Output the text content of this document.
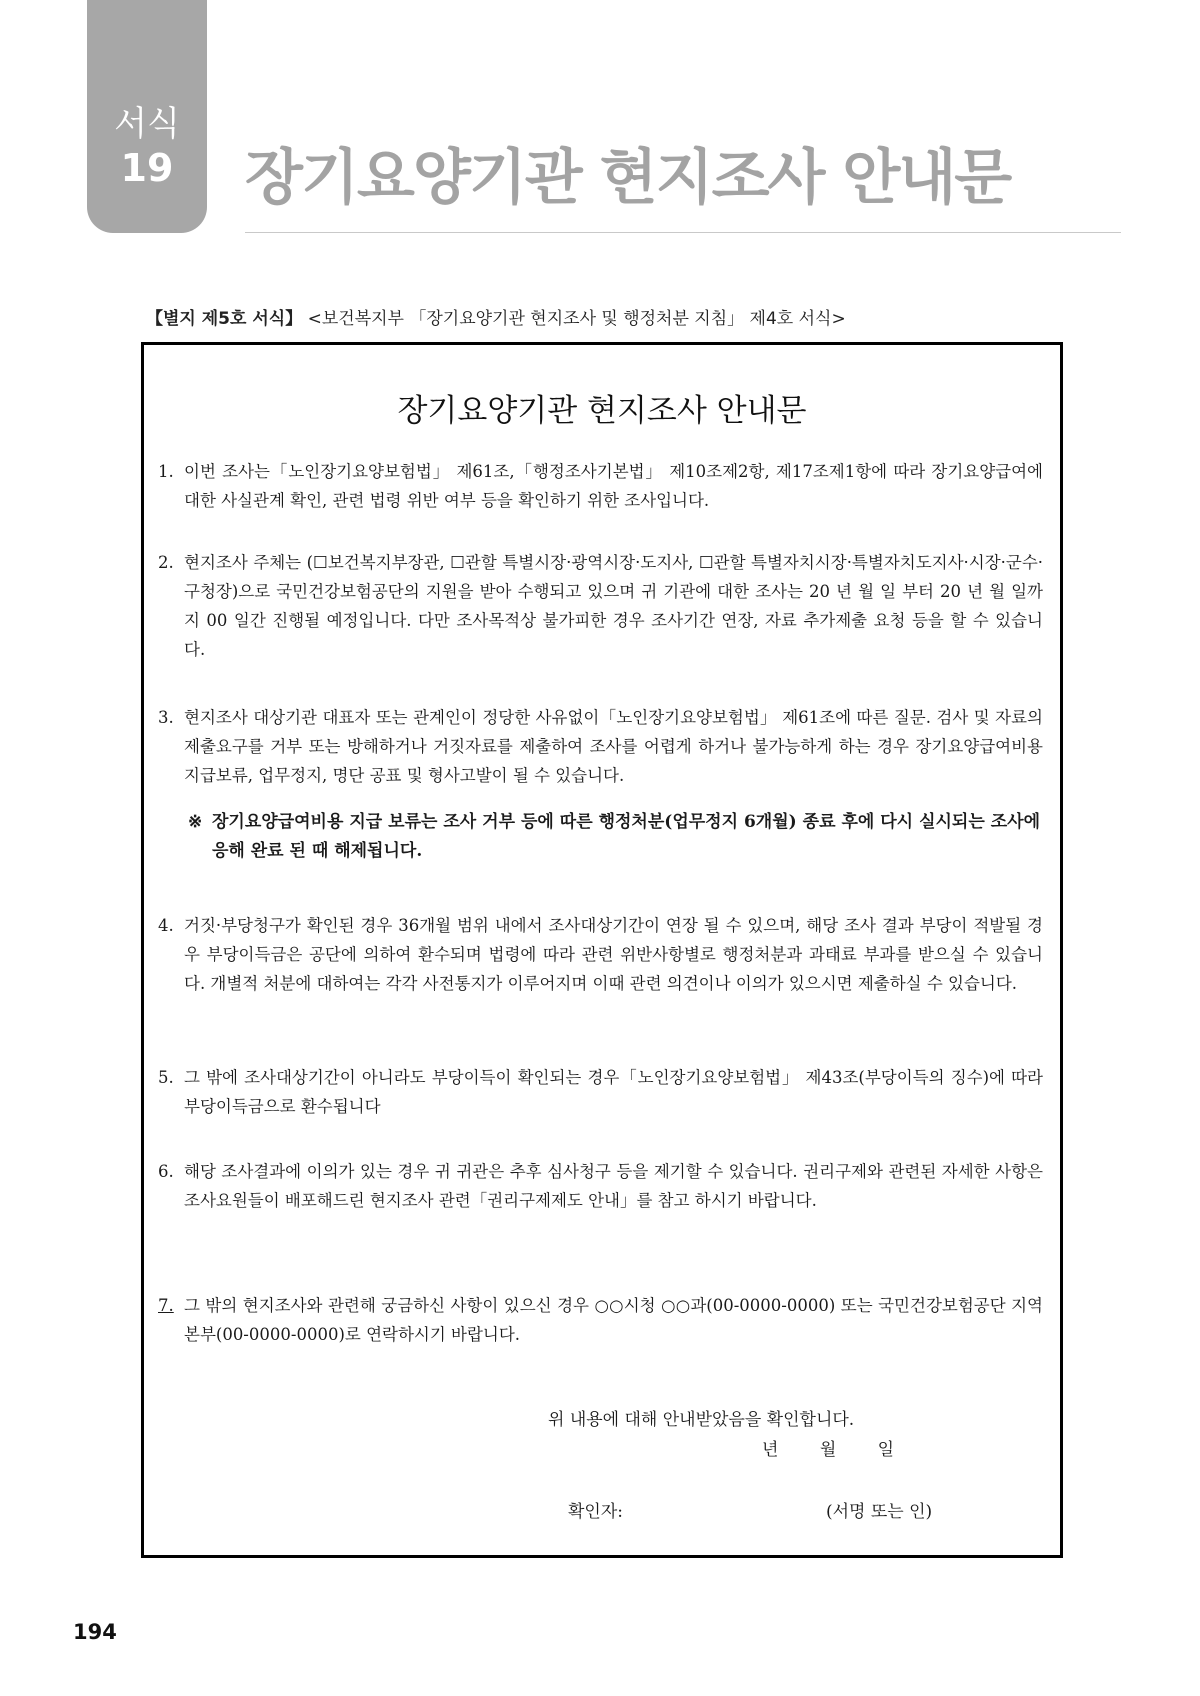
서식
19	장기요양기관 현지조사 안내문
【별지 제5호 서식】 <보건복지부 「장기요양기관 현지조사 및 행정처분 지침」 제4호 서식>
장기요양기관 현지조사 안내문
1. 이번 조사는「노인장기요양보험법」 제61조,「행정조사기본법」 제10조제2항, 제17조제1항에 따라 장기요양급여에 대한 사실관계 확인, 관련 법령 위반 여부 등을 확인하기 위한 조사입니다.
2. 현지조사 주체는 (☐보건복지부장관, ☐관할 특별시장·광역시장·도지사, ☐관할 특별자치시장·특별자치도지사·시장·군수·구청장)으로 국민건강보험공단의 지원을 받아 수행되고 있으며 귀 기관에 대한 조사는 20 년 월 일 부터 20 년 월 일까지 00 일간 진행될 예정입니다. 다만 조사목적상 불가피한 경우 조사기간 연장, 자료 추가제출 요청 등을 할 수 있습니다.
3. 현지조사 대상기관 대표자 또는 관계인이 정당한 사유없이「노인장기요양보험법」 제61조에 따른 질문. 검사 및 자료의 제출요구를 거부 또는 방해하거나 거짓자료를 제출하여 조사를 어렵게 하거나 불가능하게 하는 경우 장기요양급여비용 지급보류, 업무정지, 명단 공표 및 형사고발이 될 수 있습니다.
※ 장기요양급여비용 지급 보류는 조사 거부 등에 따른 행정처분(업무정지 6개월) 종료 후에 다시 실시되는 조사에 응해 완료 된 때 해제됩니다.
4. 거짓·부당청구가 확인된 경우 36개월 범위 내에서 조사대상기간이 연장 될 수 있으며, 해당 조사 결과 부당이 적발될 경우 부당이득금은 공단에 의하여 환수되며 법령에 따라 관련 위반사항별로 행정처분과 과태료 부과를 받으실 수 있습니다. 개별적 처분에 대하여는 각각 사전통지가 이루어지며 이때 관련 의견이나 이의가 있으시면 제출하실 수 있습니다.
5. 그 밖에 조사대상기간이 아니라도 부당이득이 확인되는 경우「노인장기요양보험법」 제43조(부당이득의 징수)에 따라 부당이득금으로 환수됩니다
6. 해당 조사결과에 이의가 있는 경우 귀 귀관은 추후 심사청구 등을 제기할 수 있습니다. 권리구제와 관련된 자세한 사항은 조사요원들이 배포해드린 현지조사 관련「권리구제제도 안내」를 참고 하시기 바랍니다.
7. 그 밖의 현지조사와 관련해 궁금하신 사항이 있으신 경우 ○○시청 ○○과(00-0000-0000) 또는 국민건강보험공단 지역본부(00-0000-0000)로 연락하시기 바랍니다.
위 내용에 대해 안내받았음을 확인합니다.
년 월 일
확인자:	(서명 또는 인)
194
